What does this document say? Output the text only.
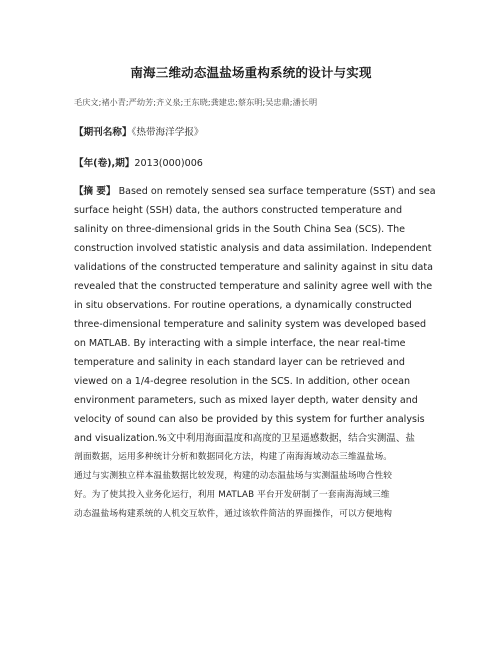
南海三维动态温盐场重构系统的设计与实现
毛庆文;褚小青;严幼芳;齐义泉;王东晓;龚建忠;蔡东明;吴忠鼎;潘长明
【期刊名称】《热带海洋学报》
【年(卷),期】2013(000)006
【摘 要】 Based on remotely sensed sea surface temperature (SST) and sea
surface height (SSH) data, the authors constructed temperature and
salinity on three-dimensional grids in the South China Sea (SCS). The
construction involved statistic analysis and data assimilation. Independent
validations of the constructed temperature and salinity against in situ data
revealed that the constructed temperature and salinity agree well with the
in situ observations. For routine operations, a dynamically constructed
three-dimensional temperature and salinity system was developed based
on MATLAB. By interacting with a simple interface, the near real-time
temperature and salinity in each standard layer can be retrieved and
viewed on a 1/4-degree resolution in the SCS. In addition, other ocean
environment parameters, such as mixed layer depth, water density and
velocity of sound can also be provided by this system for further analysis
and visualization.%文中利用海面温度和高度的卫星遥感数据，结合实测温、盐
剖面数据，运用多种统计分析和数据同化方法，构建了南海海域动态三维温盐场。
通过与实测独立样本温盐数据比较发现，构建的动态温盐场与实测温盐场吻合性较
好。为了使其投入业务化运行，利用 MATLAB 平台开发研制了一套南海海域三维
动态温盐场构建系统的人机交互软件，通过该软件简洁的界面操作，可以方便地构
